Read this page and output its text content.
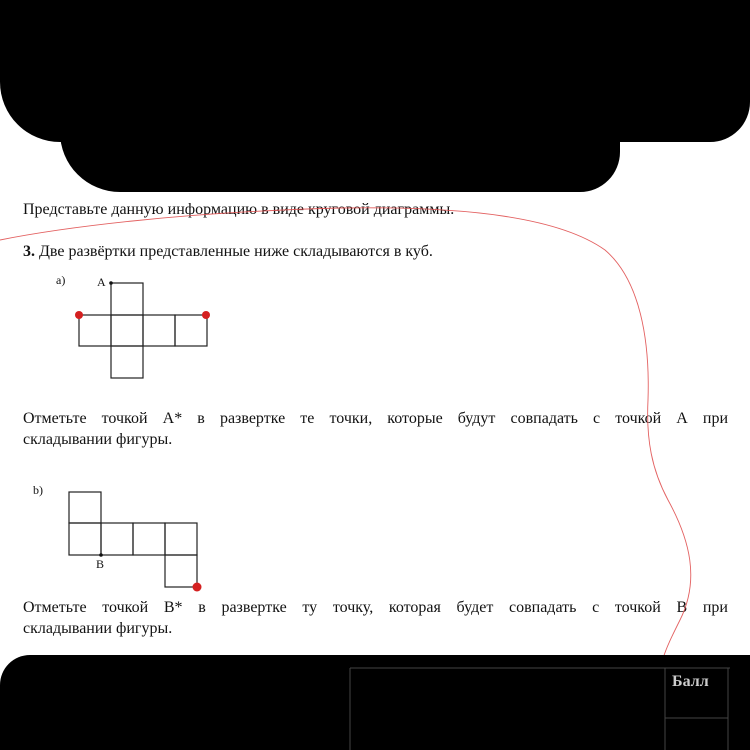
Представьте данную информацию в виде круговой диаграммы.

3. Две развёртки представленные ниже складываются в куб.

a)	A

Отметьте точкой А* в развертке те точки, которые будут совпадать с точкой А при

складывании фигуры.

b)
B

Отметьте точкой В* в развертке ту точку, которая будет совпадать с точкой В при

складывании фигуры.

Балл
